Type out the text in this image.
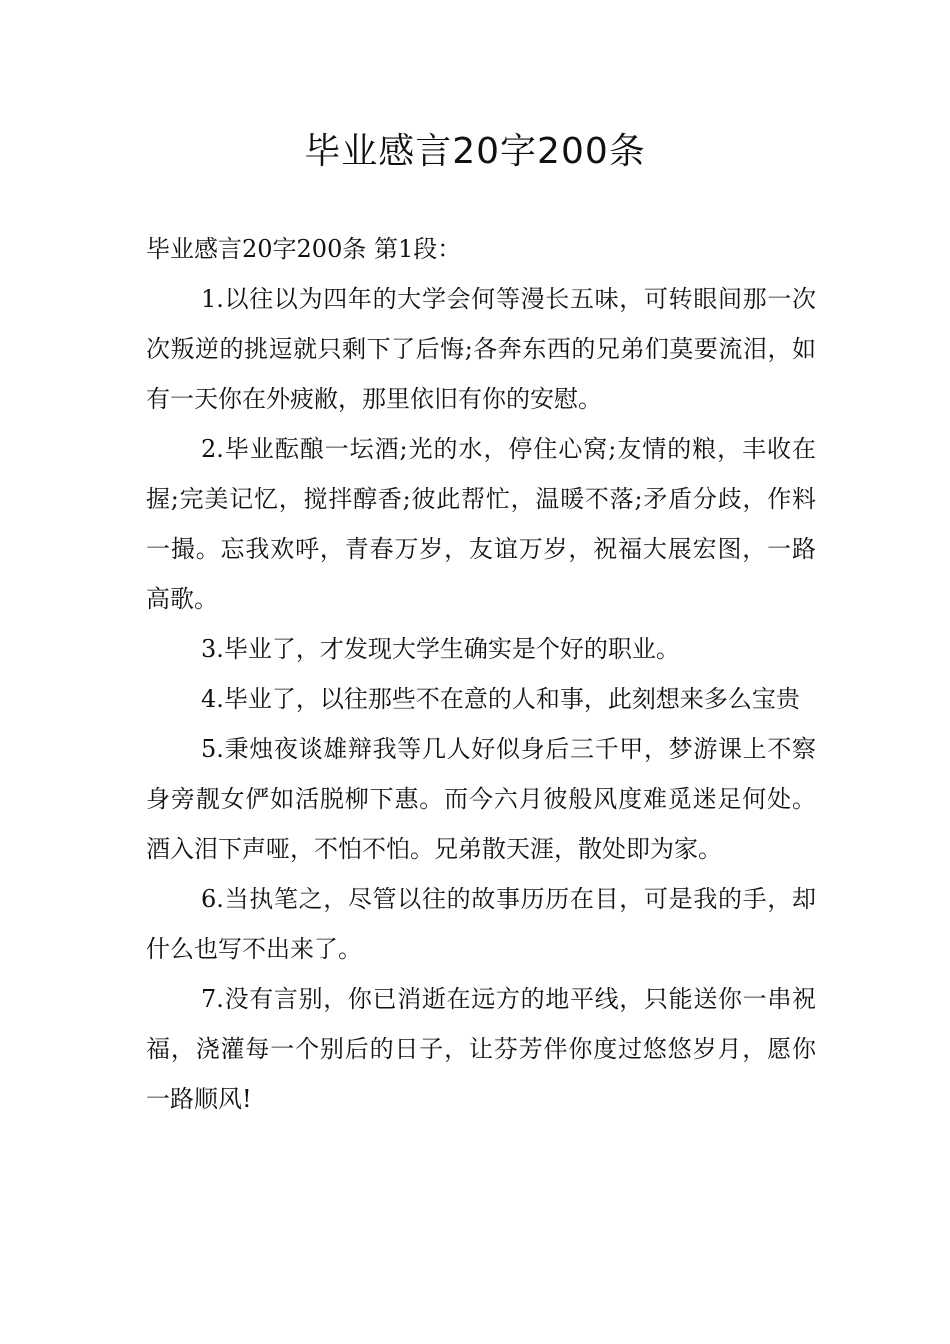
毕业感言20字200条

毕业感言20字200条 第1段：

1.以往以为四年的大学会何等漫长五味，可转眼间那一次次叛逆的挑逗就只剩下了后悔;各奔东西的兄弟们莫要流泪，如有一天你在外疲敝，那里依旧有你的安慰。

2.毕业酝酿一坛酒;光的水，停住心窝;友情的粮，丰收在握;完美记忆，搅拌醇香;彼此帮忙，温暖不落;矛盾分歧，作料一撮。忘我欢呼，青春万岁，友谊万岁，祝福大展宏图，一路高歌。

3.毕业了，才发现大学生确实是个好的职业。

4.毕业了，以往那些不在意的人和事，此刻想来多么宝贵

5.秉烛夜谈雄辩我等几人好似身后三千甲，梦游课上不察身旁靓女俨如活脱柳下惠。而今六月彼般风度难觅迷足何处。酒入泪下声哑，不怕不怕。兄弟散天涯，散处即为家。

6.当执笔之，尽管以往的故事历历在目，可是我的手，却什么也写不出来了。

7.没有言别，你已消逝在远方的地平线，只能送你一串祝福，浇灌每一个别后的日子，让芬芳伴你度过悠悠岁月，愿你一路顺风!
